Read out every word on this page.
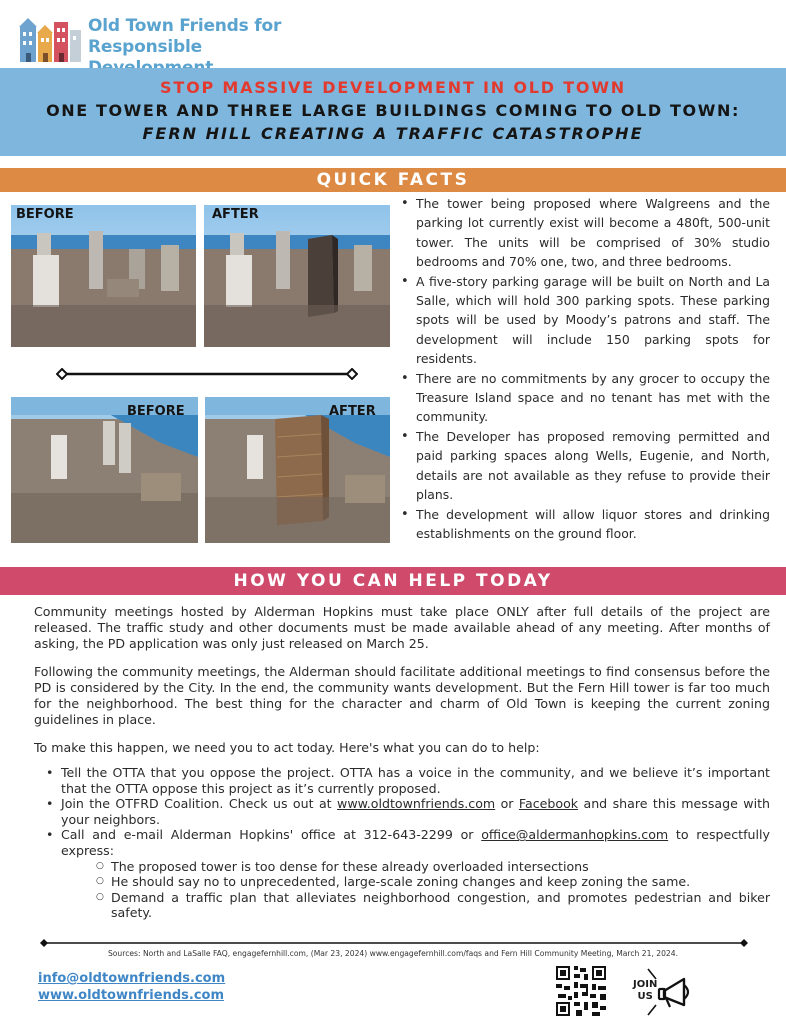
Old Town Friends for
Responsible
STOP MASSIVE DEVELOPMENT IN OLD TOWN
ONE TOWER AND THREE LARGE BUILDINGS COMING TO OLD TOWN:
FERN HILL CREATING A TRAFFIC CATASTROPHE
QUICK FACTS
BEFORE	AFTER
BEFORE	AFTER
• The tower being proposed where Walgreens and the parking lot currently exist will become a 480ft, 500-unit tower. The units will be comprised of 30% studio bedrooms and 70% one, two, and three bedrooms.
• A five-story parking garage will be built on North and La Salle, which will hold 300 parking spots. These parking spots will be used by Moody’s patrons and staff. The development will include 150 parking spots for residents.
• There are no commitments by any grocer to occupy the Treasure Island space and no tenant has met with the community.
• The Developer has proposed removing permitted and paid parking spaces along Wells, Eugenie, and North, details are not available as they refuse to provide their plans.
• The development will allow liquor stores and drinking establishments on the ground floor.
HOW YOU CAN HELP TODAY

Community meetings hosted by Alderman Hopkins must take place ONLY after full details of the project are released. The traffic study and other documents must be made available ahead of any meeting. After months of asking, the PD application was only just released on March 25.

Following the community meetings, the Alderman should facilitate additional meetings to find consensus before the PD is considered by the City. In the end, the community wants development. But the Fern Hill tower is far too much for the neighborhood. The best thing for the character and charm of Old Town is keeping the current zoning guidelines in place.

To make this happen, we need you to act today. Here's what you can do to help:

• Tell the OTTA that you oppose the project. OTTA has a voice in the community, and we believe it’s important that the OTTA oppose this project as it’s currently proposed.
• Join the OTFRD Coalition. Check us out at www.oldtownfriends.com or Facebook and share this message with your neighbors.
• Call and e-mail Alderman Hopkins' office at 312-643-2299 or office@aldermanhopkins.com to respectfully express:
○ The proposed tower is too dense for these already overloaded intersections
○ He should say no to unprecedented, large-scale zoning changes and keep zoning the same.
○ Demand a traffic plan that alleviates neighborhood congestion, and promotes pedestrian and biker safety.
Sources: North and LaSalle FAQ, engagefernhill.com, (Mar 23, 2024) www.engagefernhill.com/faqs and Fern Hill Community Meeting, March 21, 2024.
info@oldtownfriends.com
www.oldtownfriends.com
JOIN
US
